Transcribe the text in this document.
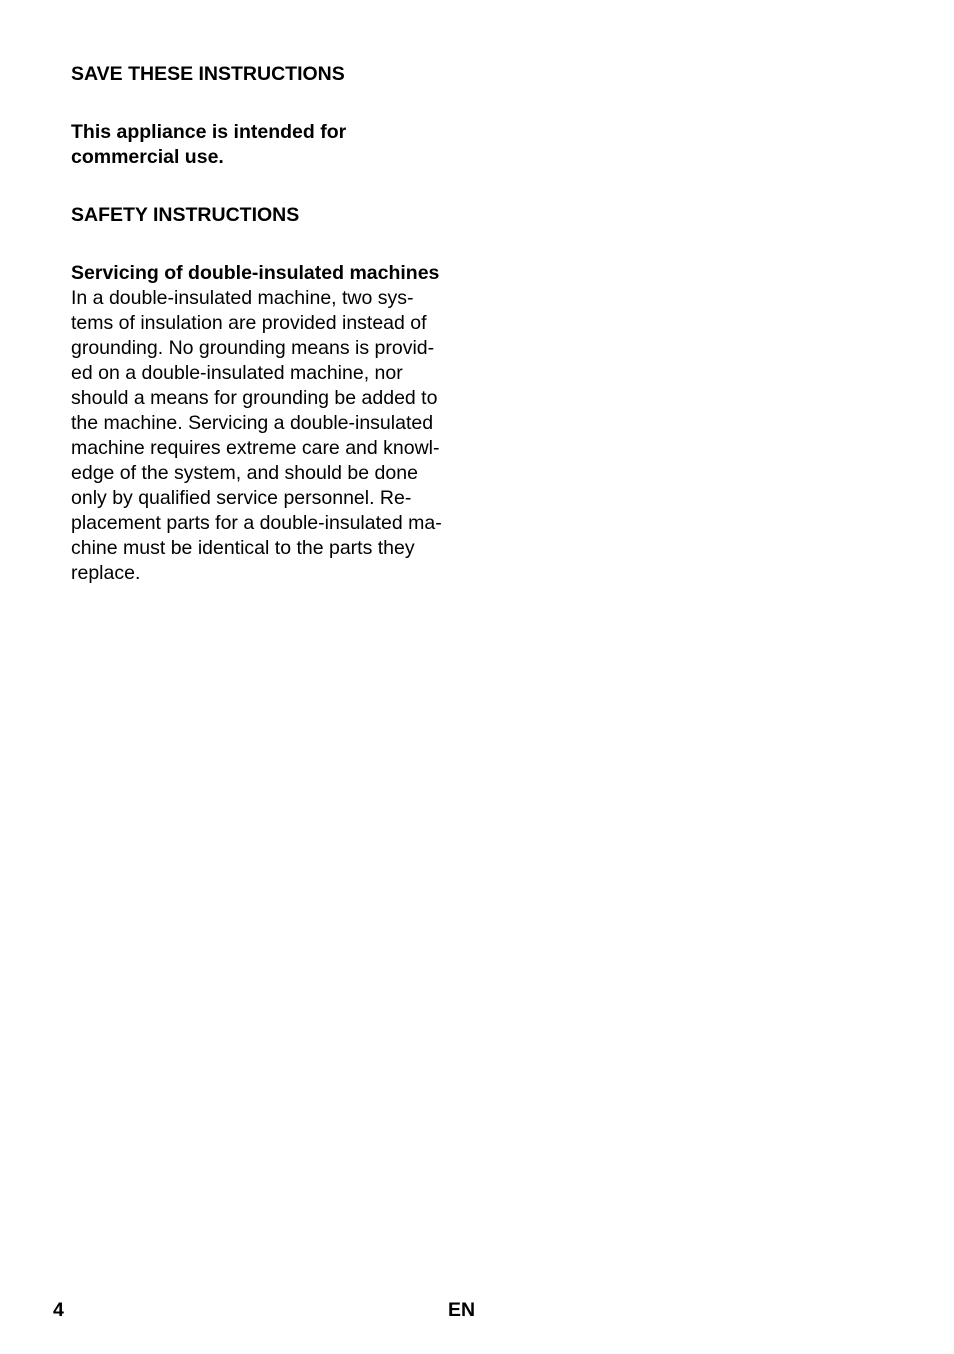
SAVE THESE INSTRUCTIONS

This appliance is intended for
commercial use.

SAFETY INSTRUCTIONS

Servicing of double-insulated machines

In a double-insulated machine, two sys-
tems of insulation are provided instead of
grounding. No grounding means is provid-
ed on a double-insulated machine, nor
should a means for grounding be added to
the machine. Servicing a double-insulated
machine requires extreme care and knowl-
edge of the system, and should be done
only by qualified service personnel. Re-
placement parts for a double-insulated ma-
chine must be identical to the parts they
replace.
4	EN
